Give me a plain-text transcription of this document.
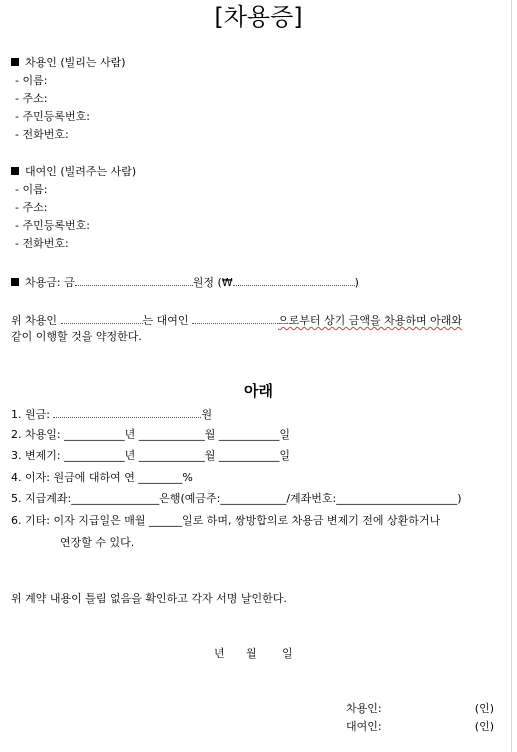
[차용증]
차용인 (빌리는 사람)
- 이름:
- 주소:
- 주민등록번호:
- 전화번호:
대여인 (빌려주는 사람)
- 이름:
- 주소:
- 주민등록번호:
- 전화번호:
차용금: 금	원정 (₩	)
위 차용인	는 대여인	으로부터 상기 금액을 차용하며 아래와
같이 이행할 것을 약정한다.
아래
1. 원금:	원
2. 차용일: ___________년 ____________월 ___________일
3. 변제기: ___________년 ____________월 ___________일
4. 이자: 원금에 대하여 연 ________%
5. 지급계좌:________________은행(예금주:____________/계좌번호:______________________)
6. 기타: 이자 지급일은 매월 ______일로 하며, 쌍방합의로 차용금 변제기 전에 상환하거나
연장할 수 있다.
위 계약 내용이 틀림 없음을 확인하고 각자 서명 날인한다.
년 월 일
차용인:	(인)
대여인:	(인)
